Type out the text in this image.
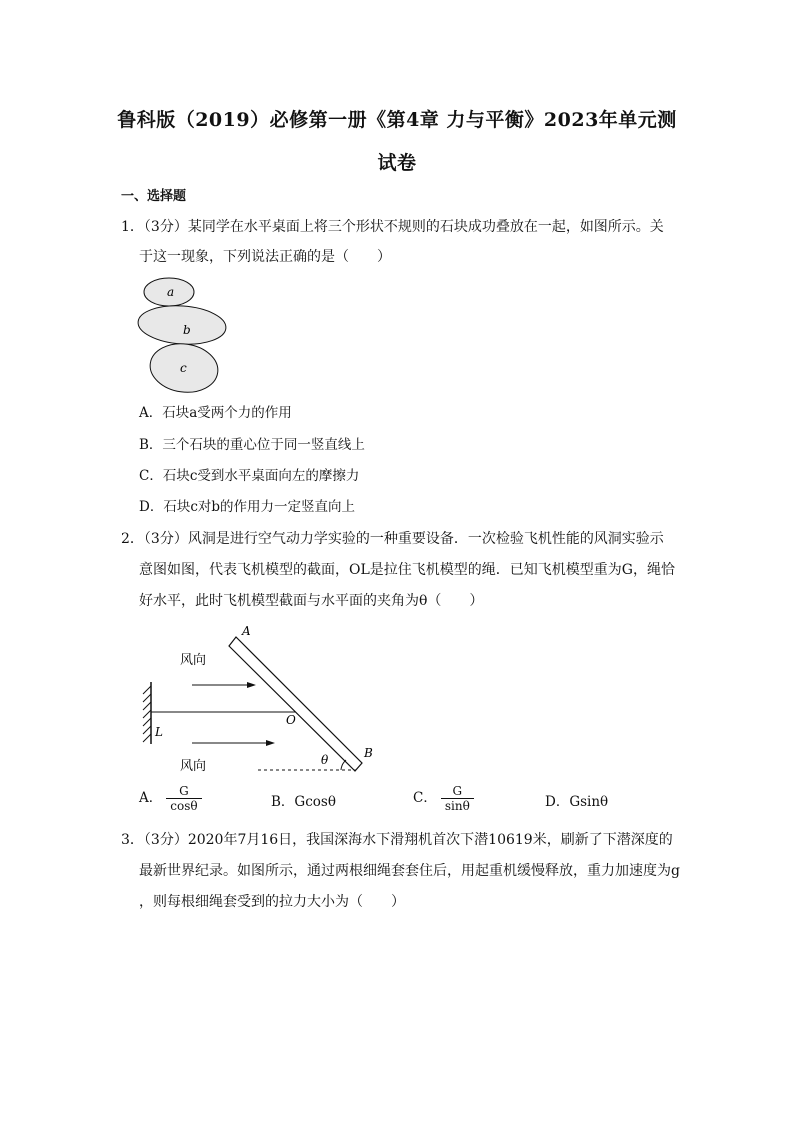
鲁科版（2019）必修第一册《第4章 力与平衡》2023年单元测
试卷
一、选择题
1．（3分）某同学在水平桌面上将三个形状不规则的石块成功叠放在一起，如图所示。关
于这一现象，下列说法正确的是（　　）
a
b
c
A．石块a受两个力的作用
B．三个石块的重心位于同一竖直线上
C．石块c受到水平桌面向左的摩擦力
D．石块c对b的作用力一定竖直向上
2．（3分）风洞是进行空气动力学实验的一种重要设备．一次检验飞机性能的风洞实验示
意图如图，代表飞机模型的截面，OL是拉住飞机模型的绳．已知飞机模型重为G，绳恰
好水平，此时飞机模型截面与水平面的夹角为θ（　　）
风向
风向
A
B
O
L
θ
A． $\frac{G}{\cos\theta}$	B．Gcosθ	C． $\frac{G}{\sin\theta}$	D．Gsinθ
3．（3分）2020年7月16日，我国深海水下滑翔机首次下潜10619米，刷新了下潜深度的
最新世界纪录。如图所示，通过两根细绳套套住后，用起重机缓慢释放，重力加速度为g
，则每根细绳套受到的拉力大小为（　　）
